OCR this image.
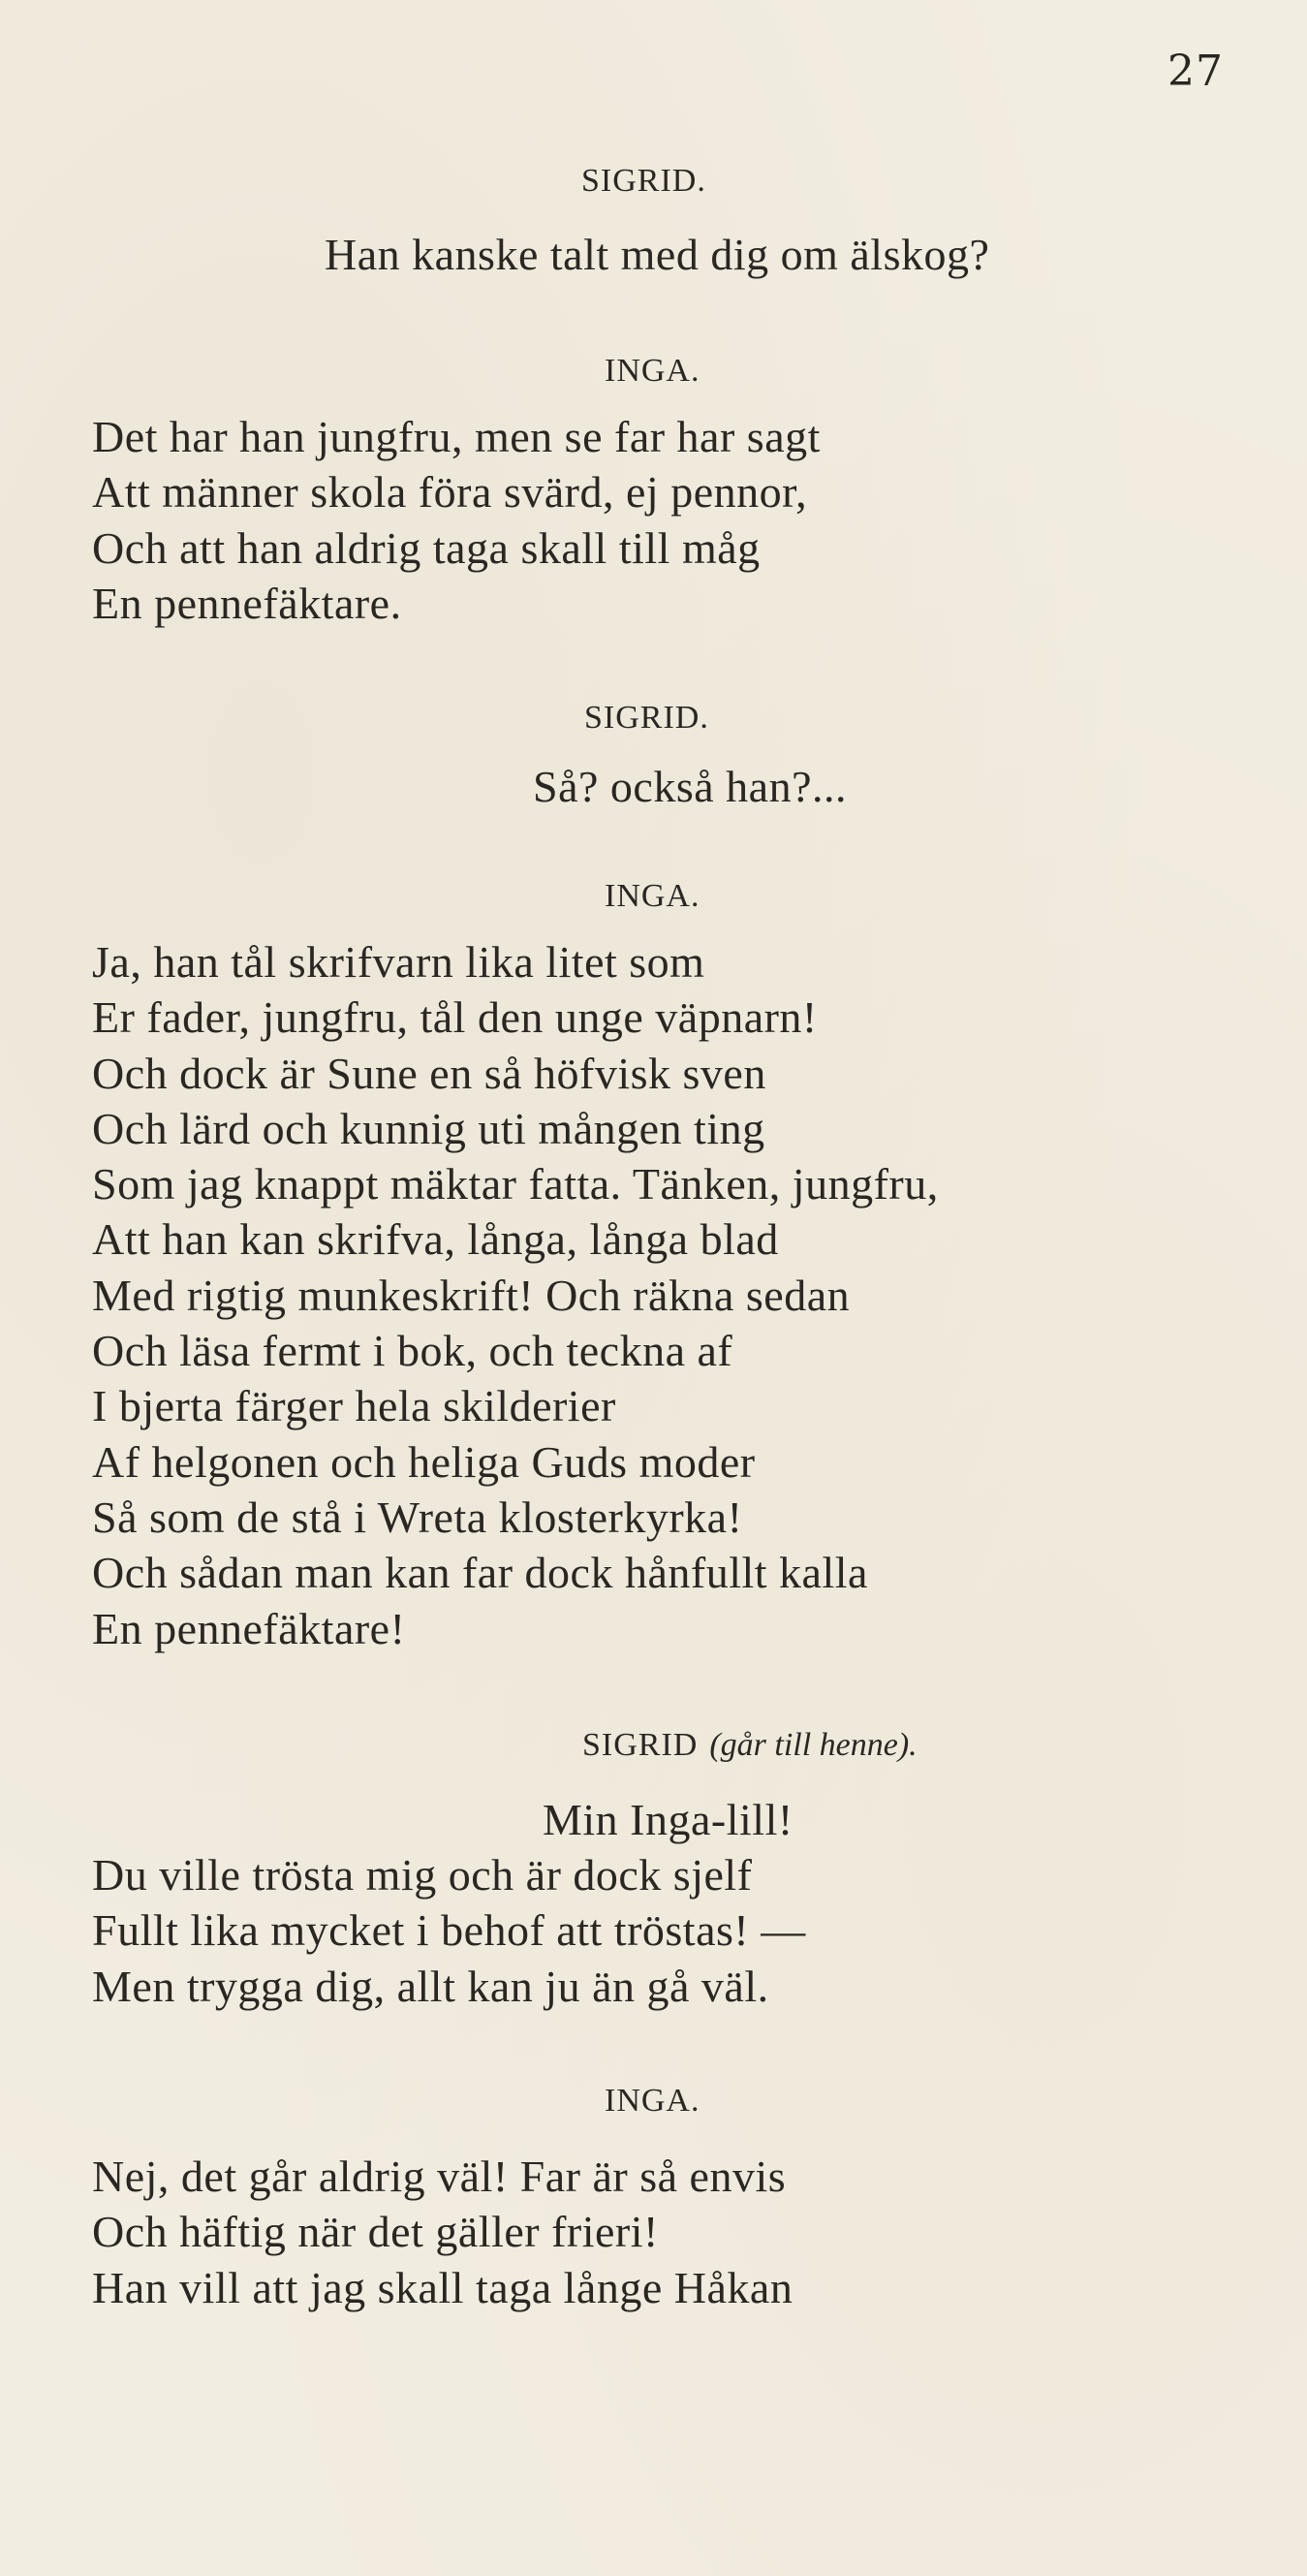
27
SIGRID.
Han kanske talt med dig om älskog?
INGA.
Det har han jungfru, men se far har sagt
Att männer skola föra svärd, ej pennor,
Och att han aldrig taga skall till måg
En pennefäktare.
SIGRID.
Så? också han?...
INGA.
Ja, han tål skrifvarn lika litet som
Er fader, jungfru, tål den unge väpnarn!
Och dock är Sune en så höfvisk sven
Och lärd och kunnig uti mången ting
Som jag knappt mäktar fatta. Tänken, jungfru,
Att han kan skrifva, långa, långa blad
Med rigtig munkeskrift! Och räkna sedan
Och läsa fermt i bok, och teckna af
I bjerta färger hela skilderier
Af helgonen och heliga Guds moder
Så som de stå i Wreta klosterkyrka!
Och sådan man kan far dock hånfullt kalla
En pennefäktare!
SIGRID (går till henne).
Min Inga-lill!
Du ville trösta mig och är dock sjelf
Fullt lika mycket i behof att tröstas! —
Men trygga dig, allt kan ju än gå väl.
INGA.
Nej, det går aldrig väl! Far är så envis
Och häftig när det gäller frieri!
Han vill att jag skall taga långe Håkan
